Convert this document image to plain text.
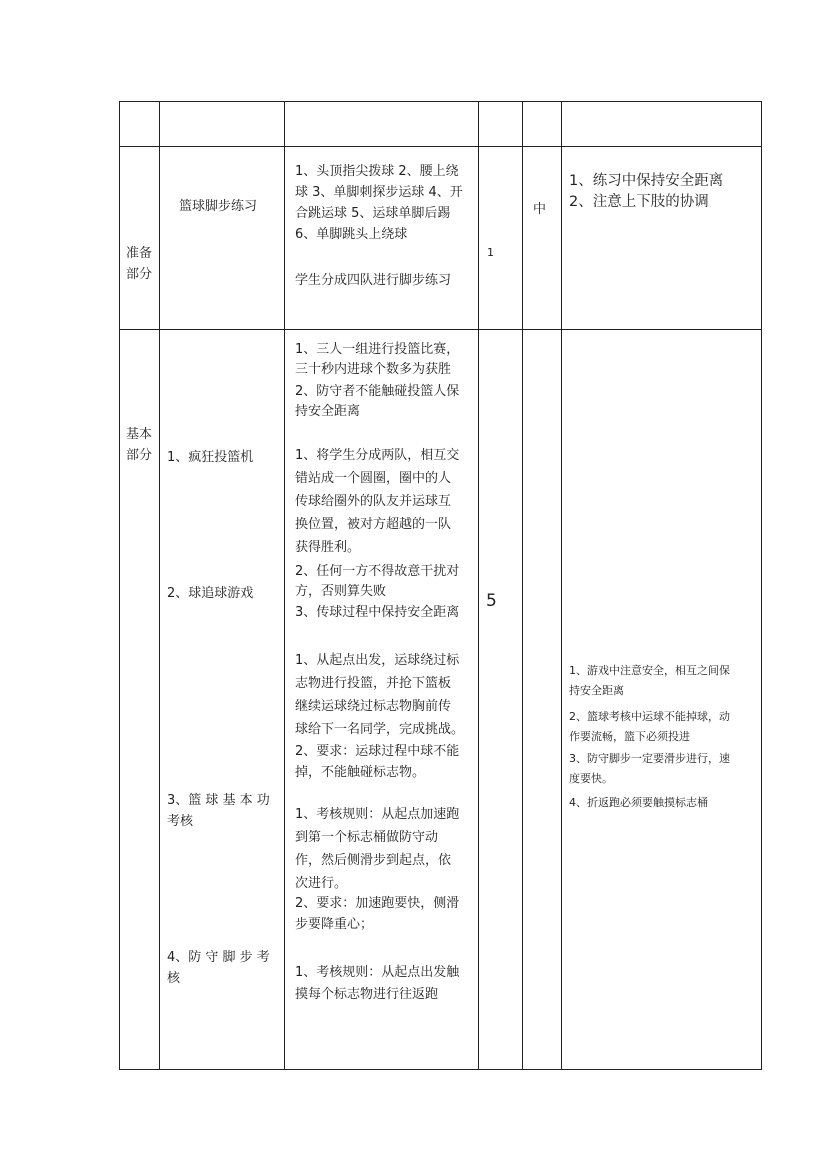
准备
部分
篮球脚步练习
1、头顶指尖拨球 2、腰上绕
球 3、单脚刺探步运球 4、开
合跳运球 5、运球单脚后踢
6、单脚跳头上绕球
学生分成四队进行脚步练习
1
中
1、练习中保持安全距离
2、注意上下肢的协调
基本
部分 1、疯狂投篮机
2、球追球游戏
3、篮 球 基 本 功
考核
4、防 守 脚 步 考
核
1、三人一组进行投篮比赛，
三十秒内进球个数多为获胜
2、防守者不能触碰投篮人保
持安全距离
1、将学生分成两队，相互交
错站成一个圆圈，圈中的人
传球给圈外的队友并运球互
换位置，被对方超越的一队
获得胜利。
2、任何一方不得故意干扰对
方，否则算失败
3、传球过程中保持安全距离
1、从起点出发，运球绕过标
志物进行投篮，并抢下篮板
继续运球绕过标志物胸前传
球给下一名同学，完成挑战。
2、要求：运球过程中球不能
掉，不能触碰标志物。
1、考核规则：从起点加速跑
到第一个标志桶做防守动
作，然后侧滑步到起点，依
次进行。
2、要求：加速跑要快，侧滑
步要降重心；
1、考核规则：从起点出发触
摸每个标志物进行往返跑
5
1、游戏中注意安全，相互之间保
持安全距离
2、篮球考核中运球不能掉球，动
作要流畅，篮下必须投进
3、防守脚步一定要滑步进行，速
度要快。
4、折返跑必须要触摸标志桶
